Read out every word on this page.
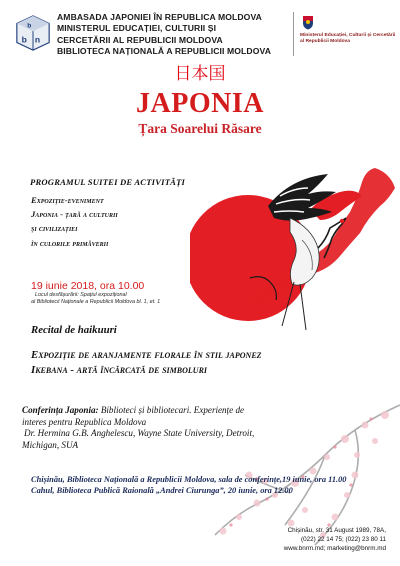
b n
b
AMBASADA JAPONIEI ÎN REPUBLICA MOLDOVA
MINISTERUL EDUCAȚIEI, CULTURII ȘI
CERCETĂRII AL REPUBLICII MOLDOVA
BIBLIOTECA NAȚIONALĂ A REPUBLICII MOLDOVA
Ministerul Educației, Culturii și Cercetării
al Republicii Moldova
日本国
JAPONIA
Țara Soarelui Răsare
PROGRAMUL SUITEI DE ACTIVITĂȚI
Expoziție-eveniment
Japonia - țară a culturii
și civilizației
în culorile primăverii
19 iunie 2018, ora 10.00
Locul desfășurării: Spațiul expozițional
al Bibliotecii Naționale a Republicii Moldova bl. 1, et. 1
Recital de haikuuri
Expoziție de aranjamente florale în stil japonez
Ikebana - artă încărcată de simboluri
Conferința Japonia: Biblioteci și bibliotecari. Experiențe de
interes pentru Republica Moldova
Dr. Hermina G.B. Anghelescu, Wayne State University, Detroit,
Michigan, SUA
Chișinău, Biblioteca Națională a Republicii Moldova, sala de conferințe,19 iunie, ora 11.00
Cahul, Biblioteca Publică Raională „Andrei Ciurunga”, 20 iunie, ora 12.00
Chișinău, str. 31 August 1989, 78A,
(022) 22 14 75; (022) 23 80 11
www.bnrm.md; marketing@bnrm.md
